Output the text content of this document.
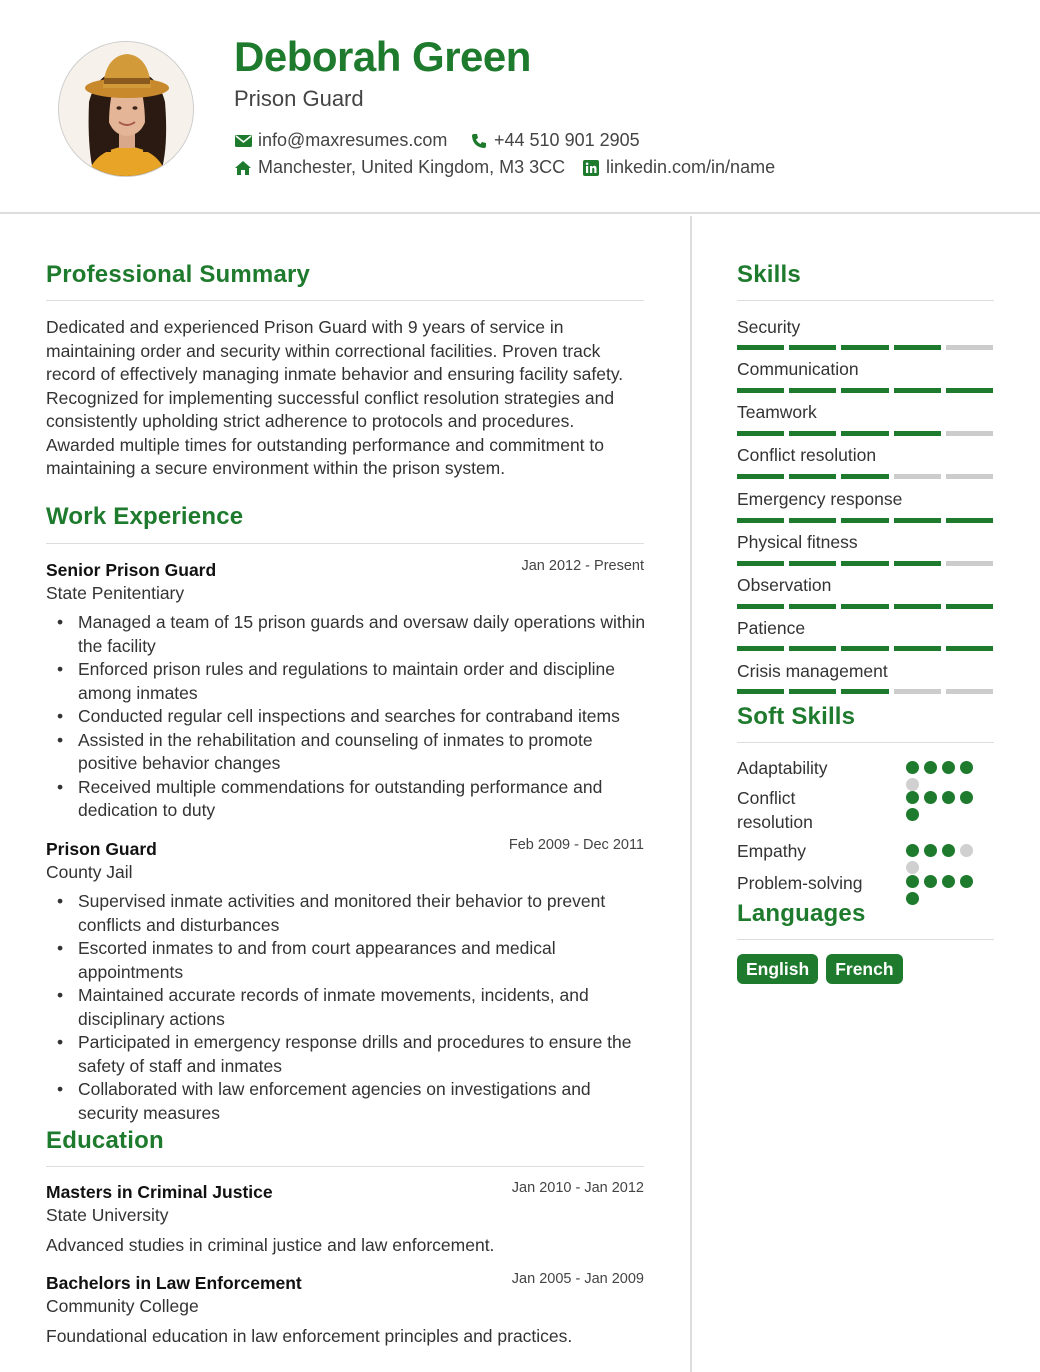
Deborah Green
Prison Guard
info@maxresumes.com	+44 510 901 2905
Manchester, United Kingdom, M3 3CC linkedin.com/in/name
Professional Summary
Dedicated and experienced Prison Guard with 9 years of service in maintaining order and security within correctional facilities. Proven track record of effectively managing inmate behavior and ensuring facility safety. Recognized for implementing successful conflict resolution strategies and consistently upholding strict adherence to protocols and procedures. Awarded multiple times for outstanding performance and commitment to maintaining a secure environment within the prison system.
Work Experience
Senior Prison Guard	Jan 2012 - Present
State Penitentiary
• Managed a team of 15 prison guards and oversaw daily operations within the facility
• Enforced prison rules and regulations to maintain order and discipline among inmates
• Conducted regular cell inspections and searches for contraband items
• Assisted in the rehabilitation and counseling of inmates to promote positive behavior changes
• Received multiple commendations for outstanding performance and dedication to duty
Prison Guard	Feb 2009 - Dec 2011
County Jail
• Supervised inmate activities and monitored their behavior to prevent conflicts and disturbances
• Escorted inmates to and from court appearances and medical appointments
• Maintained accurate records of inmate movements, incidents, and disciplinary actions
• Participated in emergency response drills and procedures to ensure the safety of staff and inmates
• Collaborated with law enforcement agencies on investigations and security measures
Education
Masters in Criminal Justice	Jan 2010 - Jan 2012
State University
Advanced studies in criminal justice and law enforcement.
Bachelors in Law Enforcement	Jan 2005 - Jan 2009
Community College
Foundational education in law enforcement principles and practices.
Skills
Security
Communication
Teamwork
Conflict resolution
Emergency response
Physical fitness
Observation
Patience
Crisis management
Soft Skills
Adaptability
Conflict resolution
Empathy
Problem-solving
Languages
English	French
